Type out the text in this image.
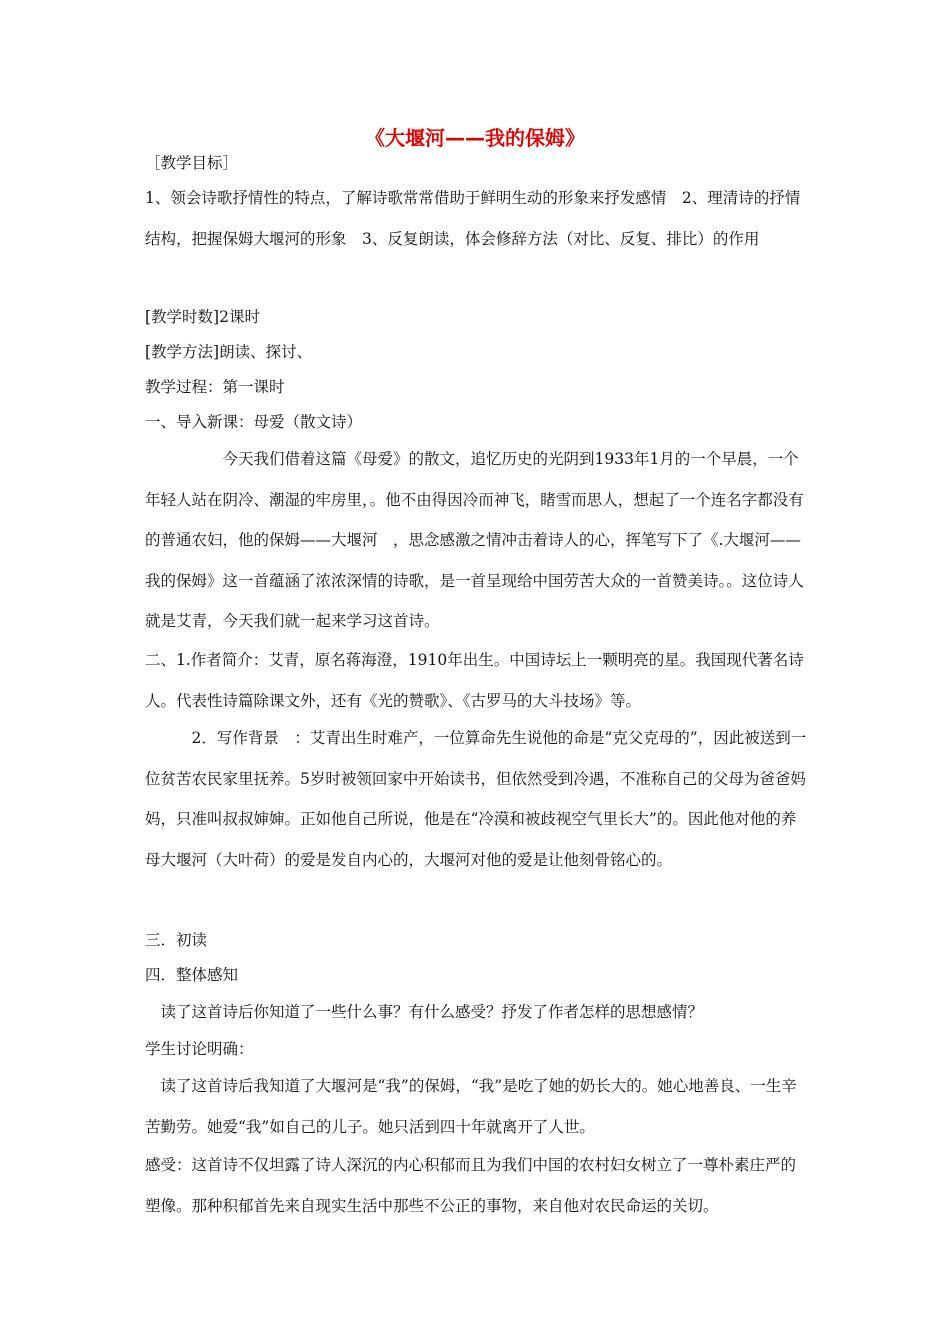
《大堰河——我的保姆》

［教学目标］

1、领会诗歌抒情性的特点，了解诗歌常常借助于鲜明生动的形象来抒发感情　2、理清诗的抒情结构，把握保姆大堰河的形象　3、反复朗读，体会修辞方法（对比、反复、排比）的作用

[教学时数]2课时

[教学方法]朗读、探讨、

教学过程：第一课时

一、导入新课：母爱（散文诗）

　　　　　今天我们借着这篇《母爱》的散文，追忆历史的光阴到1933年1月的一个早晨，一个年轻人站在阴冷、潮湿的牢房里，。他不由得因冷而神飞，睹雪而思人，想起了一个连名字都没有的普通农妇，他的保姆——大堰河　，思念感激之情冲击着诗人的心，挥笔写下了《.大堰河——我的保姆》这一首蕴涵了浓浓深情的诗歌，是一首呈现给中国劳苦大众的一首赞美诗。。这位诗人就是艾青，今天我们就一起来学习这首诗。

二、1.作者简介：艾青，原名蒋海澄，1910年出生。中国诗坛上一颗明亮的星。我国现代著名诗人。代表性诗篇除课文外，还有《光的赞歌》、《古罗马的大斗技场》等。

　　　2．写作背景　：艾青出生时难产，一位算命先生说他的命是“克父克母的”，因此被送到一位贫苦农民家里抚养。5岁时被领回家中开始读书，但依然受到冷遇，不准称自己的父母为爸爸妈妈，只准叫叔叔婶婶。正如他自己所说，他是在“冷漠和被歧视空气里长大”的。因此他对他的养母大堰河（大叶荷）的爱是发自内心的，大堰河对他的爱是让他刻骨铭心的。

三．初读

四．整体感知

　读了这首诗后你知道了一些什么事？有什么感受？抒发了作者怎样的思想感情？

学生讨论明确：

　读了这首诗后我知道了大堰河是“我”的保姆，“我”是吃了她的奶长大的。她心地善良、一生辛苦勤劳。她爱“我”如自己的儿子。她只活到四十年就离开了人世。

感受：这首诗不仅坦露了诗人深沉的内心积郁而且为我们中国的农村妇女树立了一尊朴素庄严的塑像。那种积郁首先来自现实生活中那些不公正的事物，来自他对农民命运的关切。
